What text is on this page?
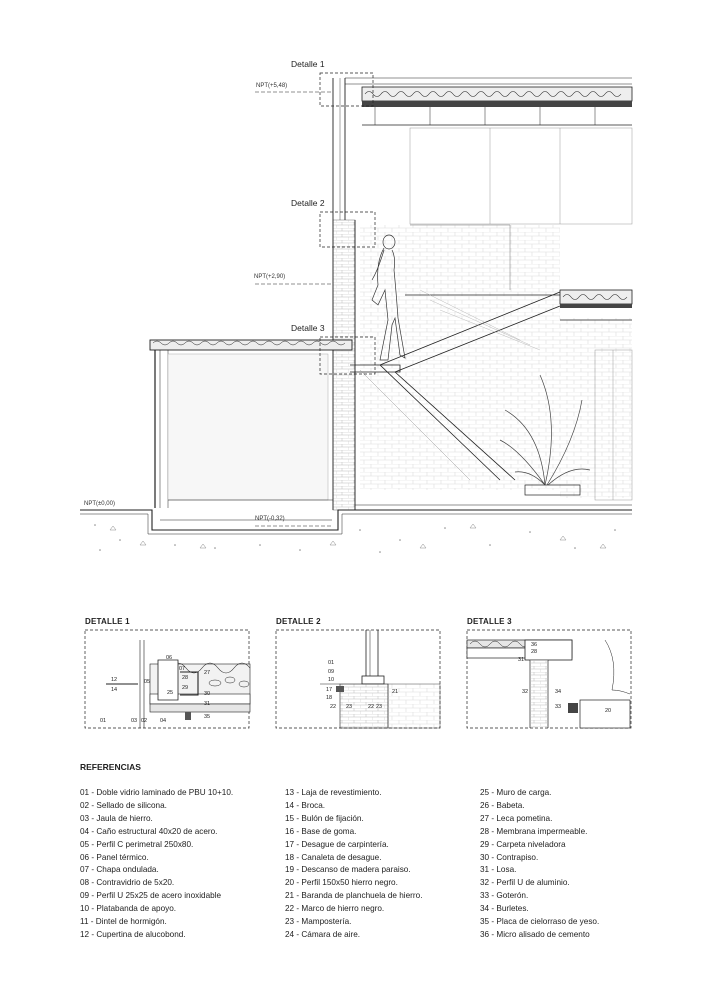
Detalle 1
Detalle 2
Detalle 3
NPT(+5,48)
NPT(+2,90)
NPT(±0,00)
NPT(-0,32)
DETALLE 1	DETALLE 2	DETALLE 3
06
05
12
14	25
07
27
28
29
30
31
35
01	03 02 04
01
09
10
17
18
22 23	22 23
21
36
28
31
32	34
33
20
REFERENCIAS
01 - Doble vidrio laminado de PBU 10+10.
02 - Sellado de silicona.
03 - Jaula de hierro.
04 - Caño estructural 40x20 de acero.
05 - Perfil C perimetral 250x80.
06 - Panel térmico.
07 - Chapa ondulada.
08 - Contravidrio de 5x20.
09 - Perfil U 25x25 de acero inoxidable
10 - Platabanda de apoyo.
11 - Dintel de hormigón.
12 - Cupertina de alucobond.
13 - Laja de revestimiento.
14 - Broca.
15 - Bulón de fijación.
16 - Base de goma.
17 - Desague de carpintería.
18 - Canaleta de desague.
19 - Descanso de madera paraiso.
20 - Perfil 150x50 hierro negro.
21 - Baranda de planchuela de hierro.
22 - Marco de hierro negro.
23 - Mampostería.
24 - Cámara de aire.
25 - Muro de carga.
26 - Babeta.
27 - Leca pometina.
28 - Membrana impermeable.
29 - Carpeta niveladora
30 - Contrapiso.
31 - Losa.
32 - Perfil U de aluminio.
33 - Goterón.
34 - Burletes.
35 - Placa de cielorraso de yeso.
36 - Micro alisado de cemento
